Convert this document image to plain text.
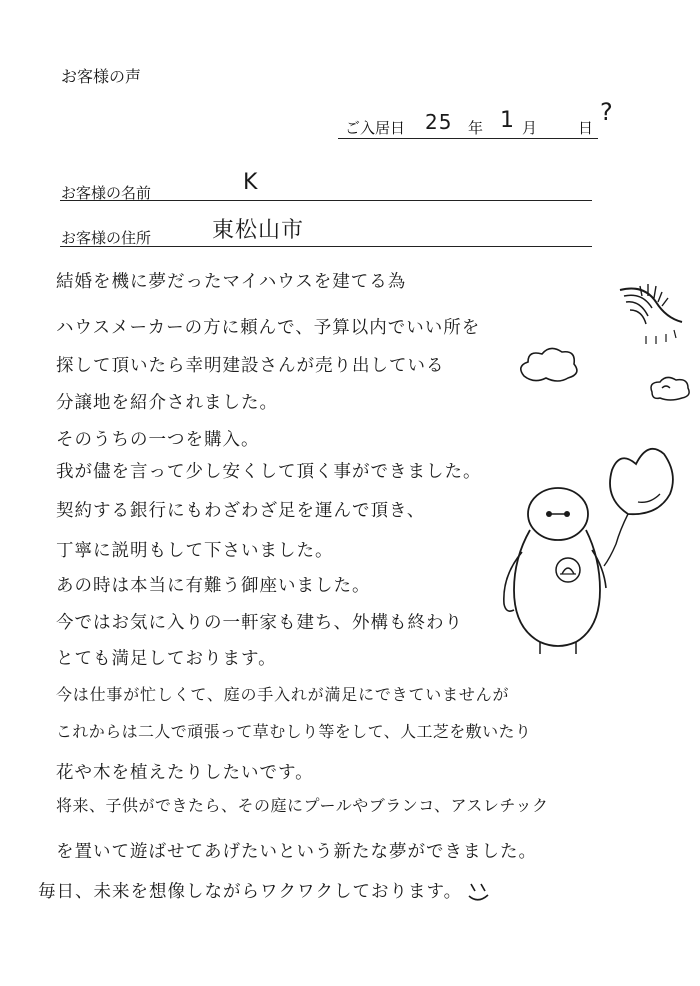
お客様の声
ご入居日 25 年 1 月	日
?
お客様の名前	K
お客様の住所	東松山市
結婚を機に夢だったマイハウスを建てる為
ハウスメーカーの方に頼んで、予算以内でいい所を
探して頂いたら幸明建設さんが売り出している
分譲地を紹介されました。
そのうちの一つを購入。
我が儘を言って少し安くして頂く事ができました。
契約する銀行にもわざわざ足を運んで頂き、
丁寧に説明もして下さいました。
あの時は本当に有難う御座いました。
今ではお気に入りの一軒家も建ち、外構も終わり
とても満足しております。
今は仕事が忙しくて、庭の手入れが満足にできていませんが
これからは二人で頑張って草むしり等をして、人工芝を敷いたり
花や木を植えたりしたいです。
将来、子供ができたら、その庭にプールやブランコ、アスレチック
を置いて遊ばせてあげたいという新たな夢ができました。
毎日、未来を想像しながらワクワクしております。
